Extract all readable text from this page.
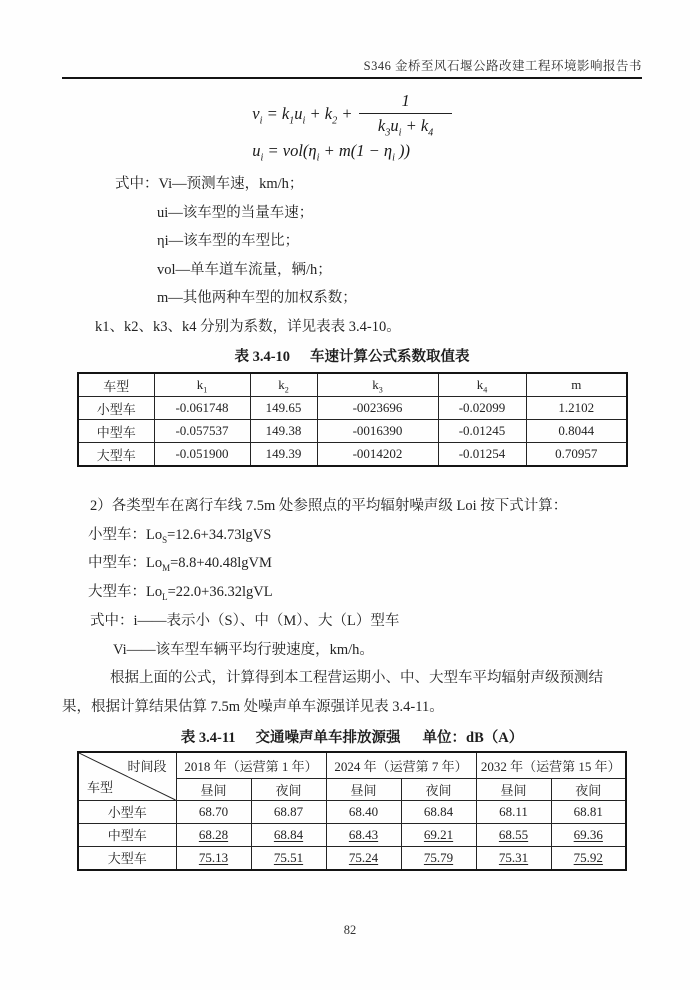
S346 金桥至风石堰公路改建工程环境影响报告书
$v_i = k_1u_i + k_2 + \frac{1}{k_3u_i + k_4}$
$u_i = vol(\eta_i + m(1 - \eta_i$ ))
式中：Vi—预测车速，km/h；
ui—该车型的当量车速；
ηi—该车型的车型比；
vol—单车道车流量，辆/h；
m—其他两种车型的加权系数；
k1、k2、k3、k4 分别为系数，详见表表 3.4-10。
表 3.4-10 车速计算公式系数取值表
车型	$k_1$	$k_2$	$k_3$	$k_4$	m
小型车	-0.061748	149.65	-0023696	-0.02099	1.2102
中型车	-0.057537	149.38	-0016390	-0.01245	0.8044
大型车	-0.051900	149.39	-0014202	-0.01254	0.70957
2）各类型车在离行车线 7.5m 处参照点的平均辐射噪声级 Loi 按下式计算：
小型车：$Lo_S=12.6+34.73lgVS$
中型车：$Lo_M=8.8+40.48lgVM$
大型车：$Lo_L=22.0+36.32lgVL$
式中：i——表示小（S）、中（M）、大（L）型车
Vi——该车型车辆平均行驶速度，km/h。
根据上面的公式，计算得到本工程营运期小、中、大型车平均辐射声级预测结
果，根据计算结果估算 7.5m 处噪声单车源强详见表 3.4-11。
表 3.4-11 交通噪声单车排放源强 单位：dB（A）
时间段
车型	2018 年（运营第 1 年）		2024 年（运营第 7 年）		2032 年（运营第 15 年）	
	昼间	夜间	昼间	夜间	昼间	夜间
小型车	68.70	68.87	68.40	68.84	68.11	68.81
中型车	68.28	68.84	68.43	69.21	68.55	69.36
大型车	75.13	75.51	75.24	75.79	75.31	75.92
82
